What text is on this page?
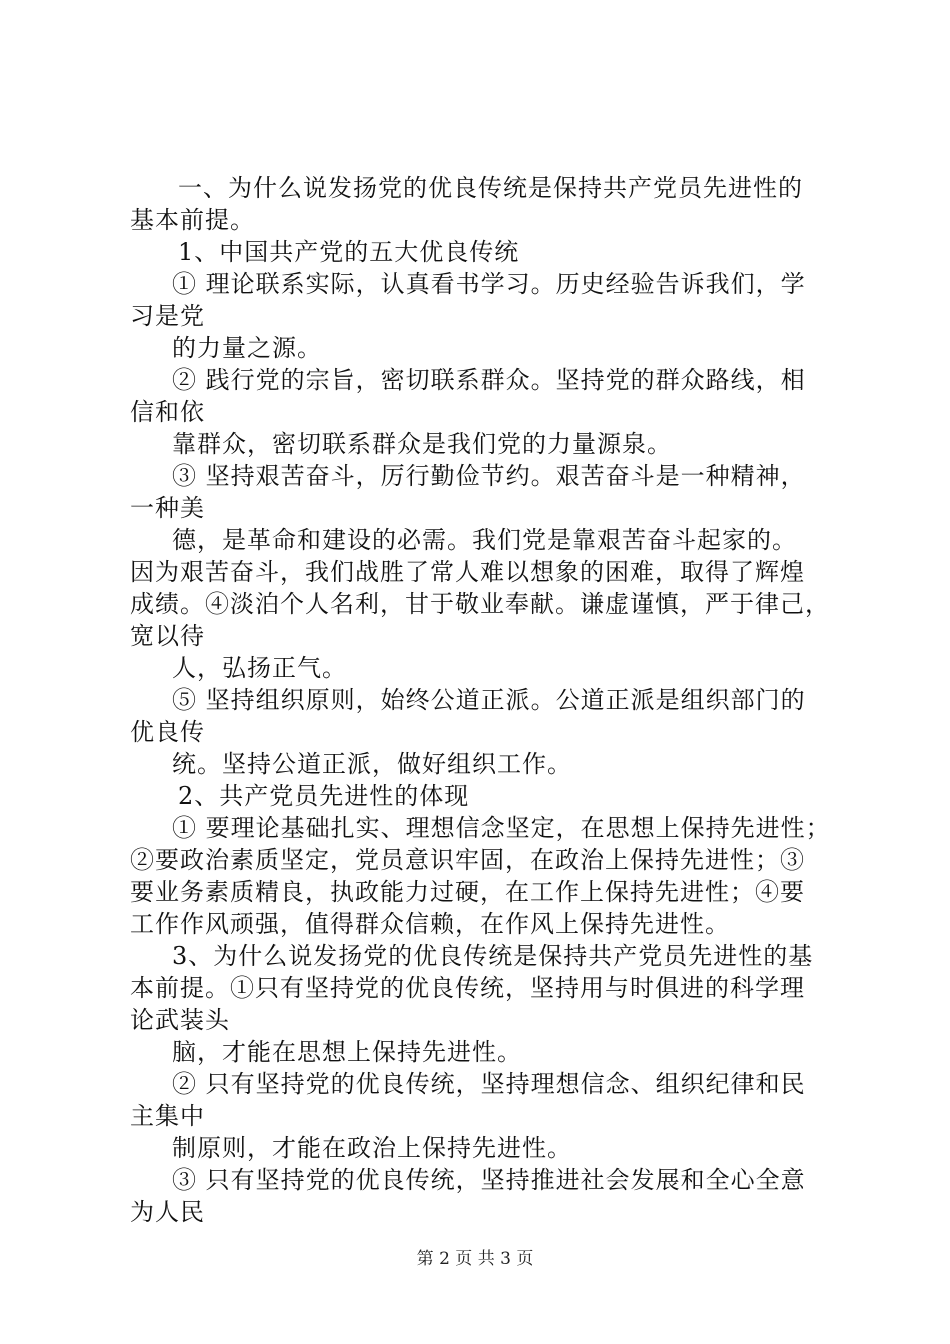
一、为什么说发扬党的优良传统是保持共产党员先进性的
基本前提。
1、中国共产党的五大优良传统
① 理论联系实际，认真看书学习。历史经验告诉我们，学
习是党
的力量之源。
② 践行党的宗旨，密切联系群众。坚持党的群众路线，相
信和依
靠群众，密切联系群众是我们党的力量源泉。
③ 坚持艰苦奋斗，厉行勤俭节约。艰苦奋斗是一种精神，
一种美
德，是革命和建设的必需。我们党是靠艰苦奋斗起家的。
因为艰苦奋斗，我们战胜了常人难以想象的困难，取得了辉煌
成绩。④淡泊个人名利，甘于敬业奉献。谦虚谨慎，严于律己，
宽以待
人，弘扬正气。
⑤ 坚持组织原则，始终公道正派。公道正派是组织部门的
优良传
统。坚持公道正派，做好组织工作。
2、共产党员先进性的体现
① 要理论基础扎实、理想信念坚定，在思想上保持先进性；
②要政治素质坚定，党员意识牢固，在政治上保持先进性；③
要业务素质精良，执政能力过硬，在工作上保持先进性；④要
工作作风顽强，值得群众信赖，在作风上保持先进性。
3、为什么说发扬党的优良传统是保持共产党员先进性的基
本前提。①只有坚持党的优良传统，坚持用与时俱进的科学理
论武装头
脑，才能在思想上保持先进性。
② 只有坚持党的优良传统，坚持理想信念、组织纪律和民
主集中
制原则，才能在政治上保持先进性。
③ 只有坚持党的优良传统，坚持推进社会发展和全心全意
为人民
第 2 页 共 3 页
